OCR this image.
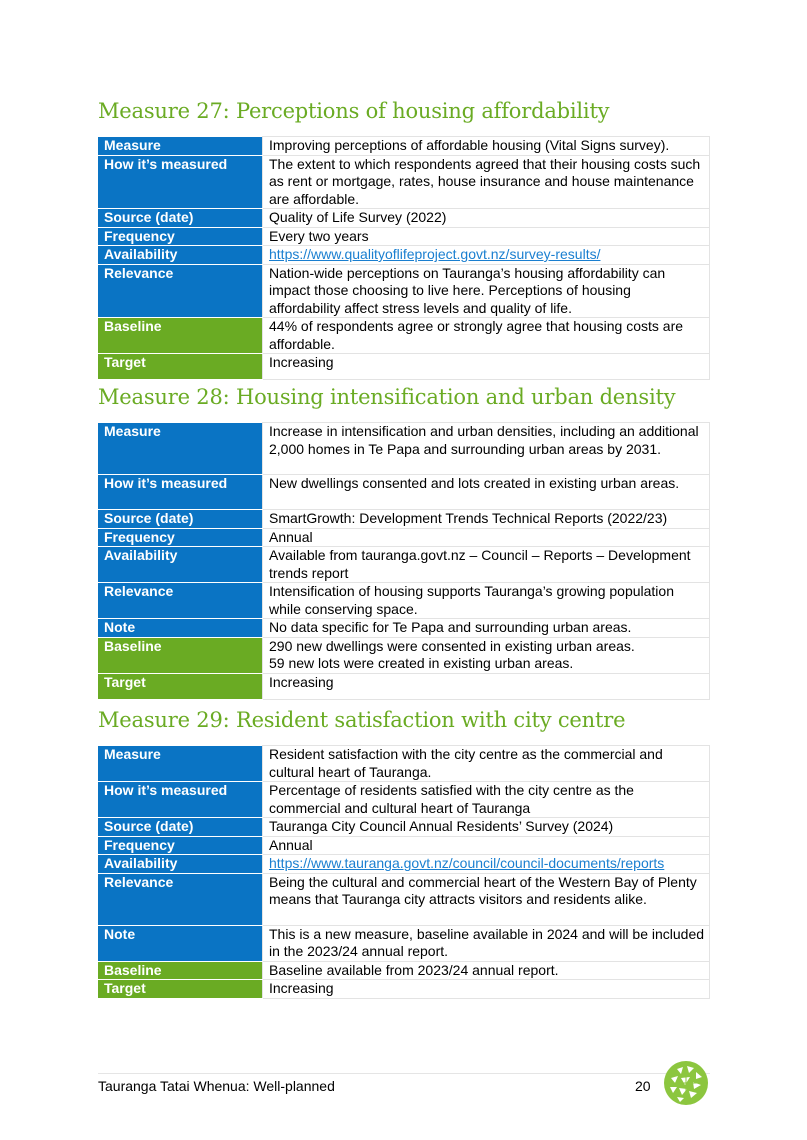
Measure 27: Perceptions of housing affordability
Measure	Improving perceptions of affordable housing (Vital Signs survey).
How it’s measured	The extent to which respondents agreed that their housing costs such as rent or mortgage, rates, house insurance and house maintenance are affordable.
Source (date)	Quality of Life Survey (2022)
Frequency	Every two years
Availability	https://www.qualityoflifeproject.govt.nz/survey-results/
Relevance	Nation-wide perceptions on Tauranga’s housing affordability can impact those choosing to live here. Perceptions of housing affordability affect stress levels and quality of life.
Baseline	44% of respondents agree or strongly agree that housing costs are affordable.
Target	Increasing
Measure 28: Housing intensification and urban density
Measure	Increase in intensification and urban densities, including an additional 2,000 homes in Te Papa and surrounding urban areas by 2031.
How it’s measured	New dwellings consented and lots created in existing urban areas.
Source (date)	SmartGrowth: Development Trends Technical Reports (2022/23)
Frequency	Annual
Availability	Available from tauranga.govt.nz – Council – Reports – Development trends report
Relevance	Intensification of housing supports Tauranga’s growing population while conserving space.
Note	No data specific for Te Papa and surrounding urban areas.
Baseline	290 new dwellings were consented in existing urban areas.
59 new lots were created in existing urban areas.

Target	Increasing
Measure 29: Resident satisfaction with city centre
Measure	Resident satisfaction with the city centre as the commercial and cultural heart of Tauranga.
How it’s measured	Percentage of residents satisfied with the city centre as the commercial and cultural heart of Tauranga
Source (date)	Tauranga City Council Annual Residents’ Survey (2024)
Frequency	Annual
Availability	https://www.tauranga.govt.nz/council/council-documents/reports
Relevance	Being the cultural and commercial heart of the Western Bay of Plenty means that Tauranga city attracts visitors and residents alike.
Note	This is a new measure, baseline available in 2024 and will be included in the 2023/24 annual report.
Baseline	Baseline available from 2023/24 annual report.
Target	Increasing
Tauranga Tatai Whenua: Well-planned	20
